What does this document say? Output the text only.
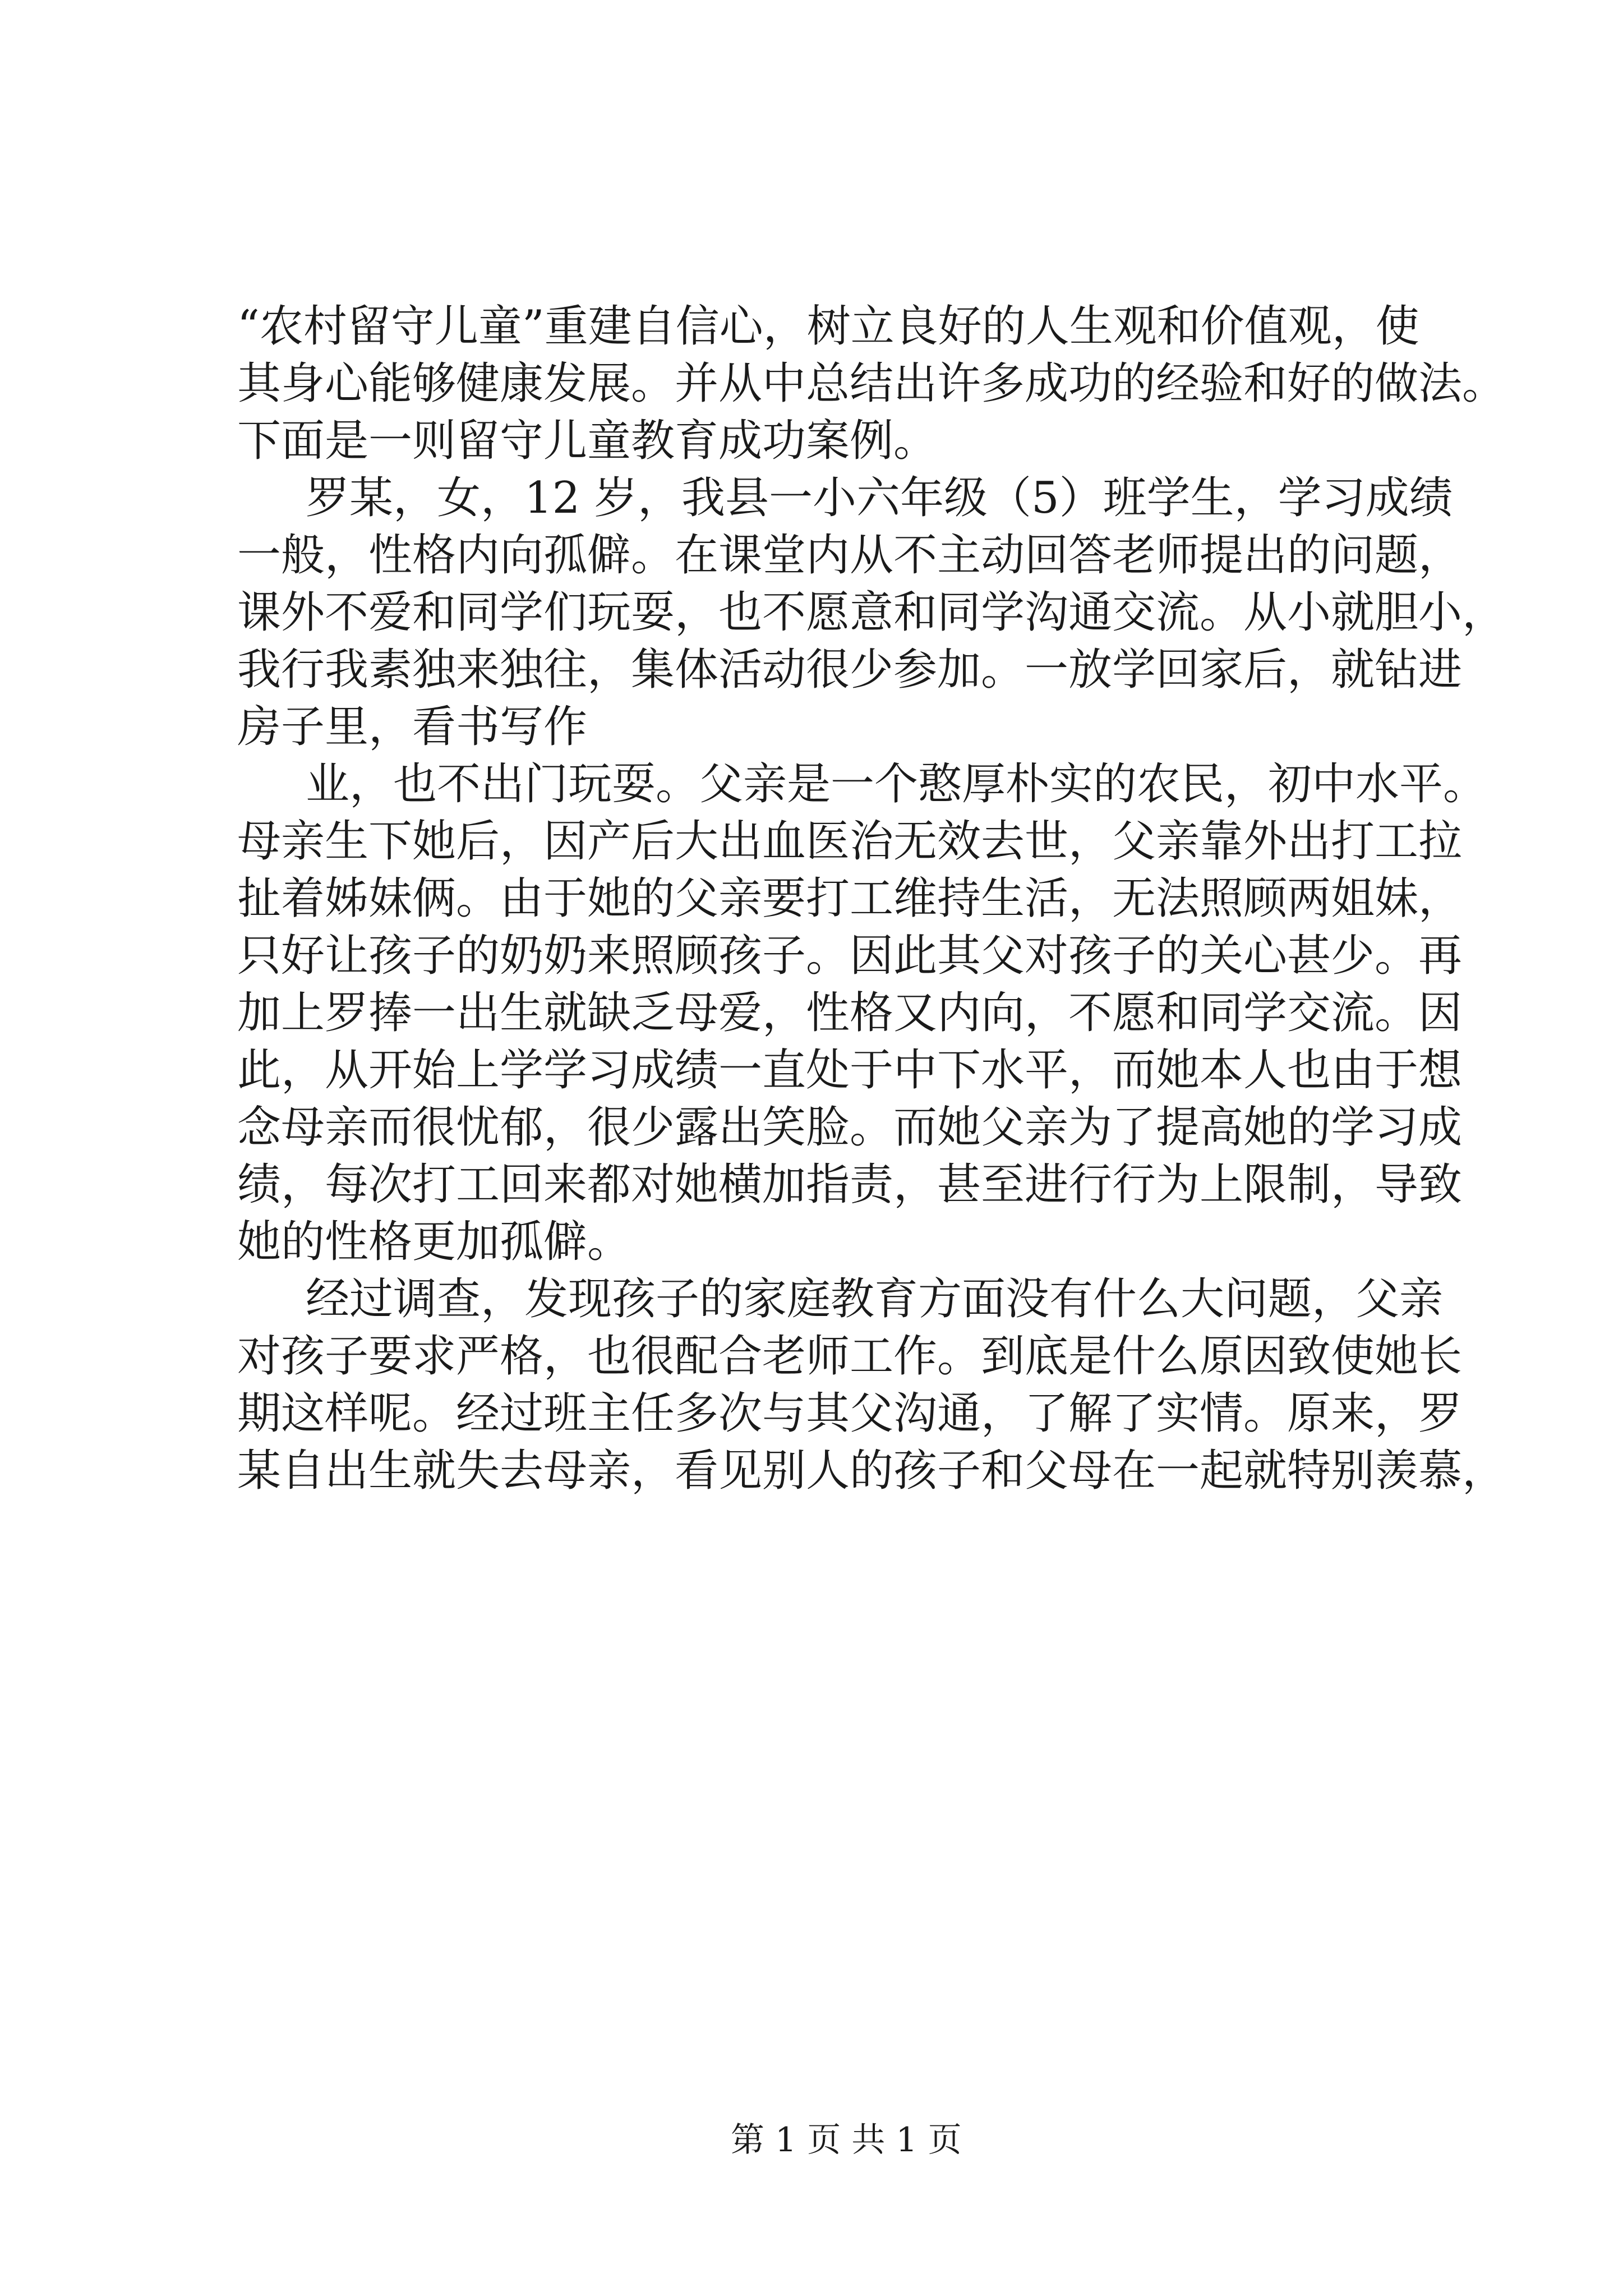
“农村留守儿童”重建自信心，树立良好的人生观和价值观，使
其身心能够健康发展。并从中总结出许多成功的经验和好的做法。
下面是一则留守儿童教育成功案例。
罗某，女，12 岁，我县一小六年级（5）班学生，学习成绩
一般，性格内向孤僻。在课堂内从不主动回答老师提出的问题，
课外不爱和同学们玩耍，也不愿意和同学沟通交流。从小就胆小，
我行我素独来独往，集体活动很少参加。一放学回家后，就钻进
房子里，看书写作
业，也不出门玩耍。父亲是一个憨厚朴实的农民，初中水平。
母亲生下她后，因产后大出血医治无效去世，父亲靠外出打工拉
扯着姊妹俩。由于她的父亲要打工维持生活，无法照顾两姐妹，
只好让孩子的奶奶来照顾孩子。因此其父对孩子的关心甚少。再
加上罗捧一出生就缺乏母爱，性格又内向，不愿和同学交流。因
此，从开始上学学习成绩一直处于中下水平，而她本人也由于想
念母亲而很忧郁，很少露出笑脸。而她父亲为了提高她的学习成
绩，每次打工回来都对她横加指责，甚至进行行为上限制，导致
她的性格更加孤僻。
经过调查，发现孩子的家庭教育方面没有什么大问题，父亲
对孩子要求严格，也很配合老师工作。到底是什么原因致使她长
期这样呢。经过班主任多次与其父沟通，了解了实情。原来，罗
某自出生就失去母亲，看见别人的孩子和父母在一起就特别羡慕，
第 1 页 共 1 页
